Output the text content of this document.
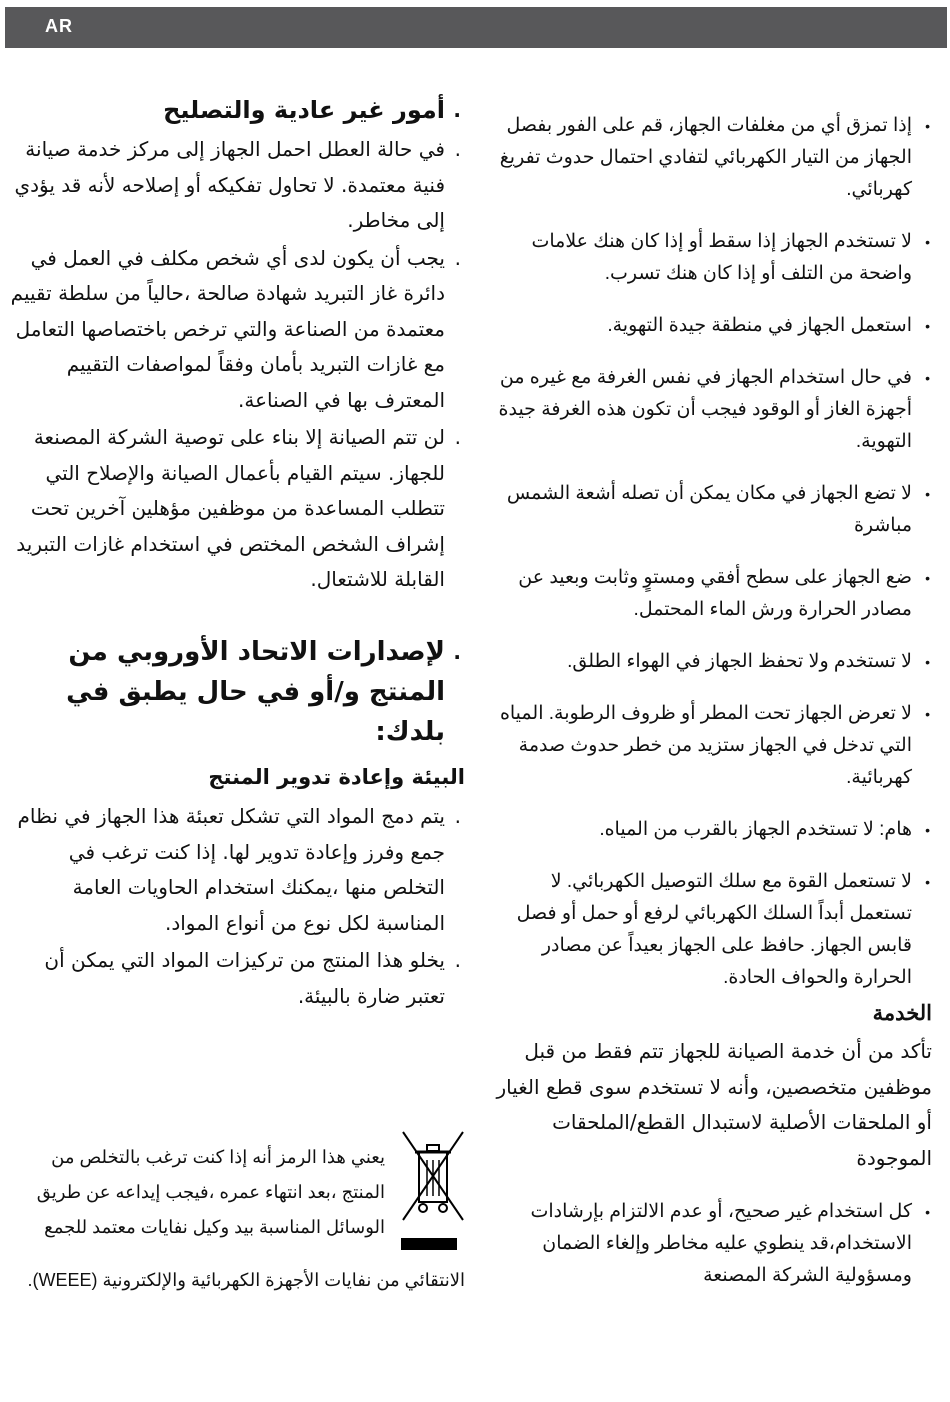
AR
• إذا تمزق أي من مغلفات الجهاز، قم على الفور بفصل الجهاز من التيار الكهربائي لتفادي احتمال حدوث تفريغ كهربائي.
• لا تستخدم الجهاز إذا سقط أو إذا كان هنك علامات واضحة من التلف أو إذا كان هنك تسرب.
• استعمل الجهاز في منطقة جيدة التهوية.
• في حال استخدام الجهاز في نفس الغرفة مع غيره من أجهزة الغاز أو الوقود فيجب أن تكون هذه الغرفة جيدة التهوية.
• لا تضع الجهاز في مكان يمكن أن تصله أشعة الشمس مباشرة
• ضع الجهاز على سطح أفقي ومستوٍ وثابت وبعيد عن مصادر الحرارة ورش الماء المحتمل.
• لا تستخدم ولا تحفظ الجهاز في الهواء الطلق.
• لا تعرض الجهاز تحت المطر أو ظروف الرطوبة. المياه التي تدخل في الجهاز ستزيد من خطر حدوث صدمة كهربائية.
• هام: لا تستخدم الجهاز بالقرب من المياه.
• لا تستعمل القوة مع سلك التوصيل الكهربائي. لا تستعمل أبداً السلك الكهربائي لرفع أو حمل أو فصل قابس الجهاز. حافظ على الجهاز بعيداً عن مصادر الحرارة والحواف الحادة.
الخدمة
تأكد من أن خدمة الصيانة للجهاز تتم فقط من قبل موظفين متخصصين، وأنه لا تستخدم سوى قطع الغيار أو الملحقات الأصلية لاستبدال القطع/الملحقات الموجودة
• كل استخدام غير صحيح، أو عدم الالتزام بإرشادات الاستخدام،قد ينطوي عليه مخاطر وإلغاء الضمان ومسؤولية الشركة المصنعة
. أمور غير عادية والتصليح
. في حالة العطل احمل الجهاز إلى مركز خدمة صيانة فنية معتمدة. لا تحاول تفكيكه أو إصلاحه لأنه قد يؤدي إلى مخاطر.
. يجب أن يكون لدى أي شخص مكلف في العمل في دائرة غاز التبريد شهادة صالحة ،حالياً من سلطة تقييم معتمدة من الصناعة والتي ترخص باختصاصها التعامل مع غازات التبريد بأمان وفقاً لمواصفات التقييم المعترف بها في الصناعة.
. لن تتم الصيانة إلا بناء على توصية الشركة المصنعة للجهاز. سيتم القيام بأعمال الصيانة والإصلاح التي تتطلب المساعدة من موظفين مؤهلين آخرين تحت إشراف الشخص المختص في استخدام غازات التبريد القابلة للاشتعال.
. لإصدارات الاتحاد الأوروبي من المنتج و/أو في حال يطبق في بلدك:
البيئة وإعادة تدوير المنتج
. يتم دمج المواد التي تشكل تعبئة هذا الجهاز في نظام جمع وفرز وإعادة تدوير لها. إذا كنت ترغب في التخلص منها ،يمكنك استخدام الحاويات العامة المناسبة لكل نوع من أنواع المواد.
. يخلو هذا المنتج من تركيزات المواد التي يمكن أن تعتبر ضارة بالبيئة.
يعني هذا الرمز أنه إذا كنت ترغب بالتخلص من المنتج ،بعد انتهاء عمره ،فيجب إيداعه عن طريق الوسائل المناسبة بيد وكيل نفايات معتمد للجمع
الانتقائي من نفايات الأجهزة الكهربائية والإلكترونية (WEEE).
